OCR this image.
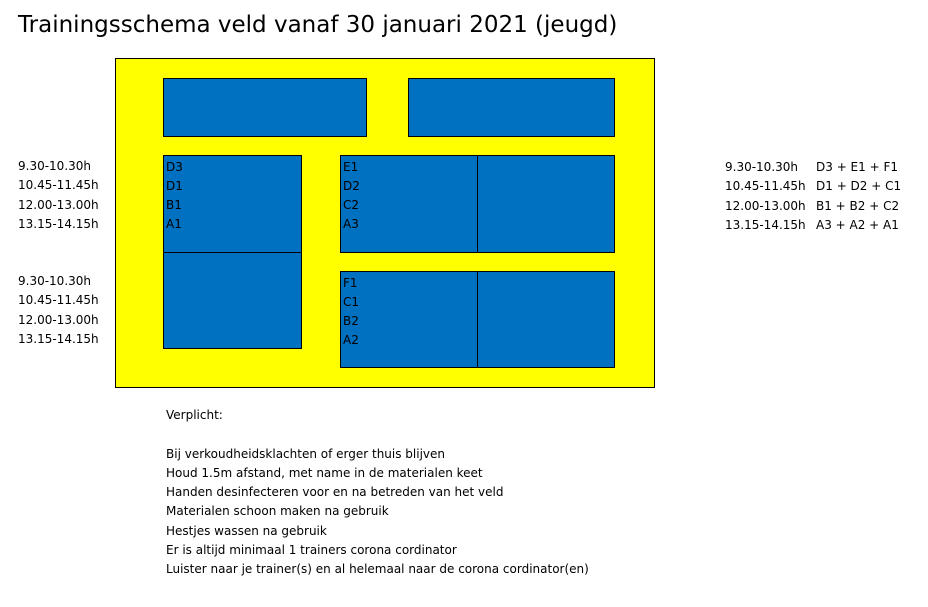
Trainingsschema veld vanaf 30 januari 2021 (jeugd)
9.30-10.30h
10.45-11.45h
12.00-13.00h
13.15-14.15h
9.30-10.30h
10.45-11.45h
12.00-13.00h
13.15-14.15h
D3
D1
B1
A1
E1
D2
C2
A3
F1
C1
B2
A2
9.30-10.30h	D3 + E1 + F1
10.45-11.45h D1 + D2 + C1
12.00-13.00h B1 + B2 + C2
13.15-14.15h A3 + A2 + A1
Verplicht:
Bij verkoudheidsklachten of erger thuis blijven
Houd 1.5m afstand, met name in de materialen keet
Handen desinfecteren voor en na betreden van het veld
Materialen schoon maken na gebruik
Hestjes wassen na gebruik
Er is altijd minimaal 1 trainers corona cordinator
Luister naar je trainer(s) en al helemaal naar de corona cordinator(en)
